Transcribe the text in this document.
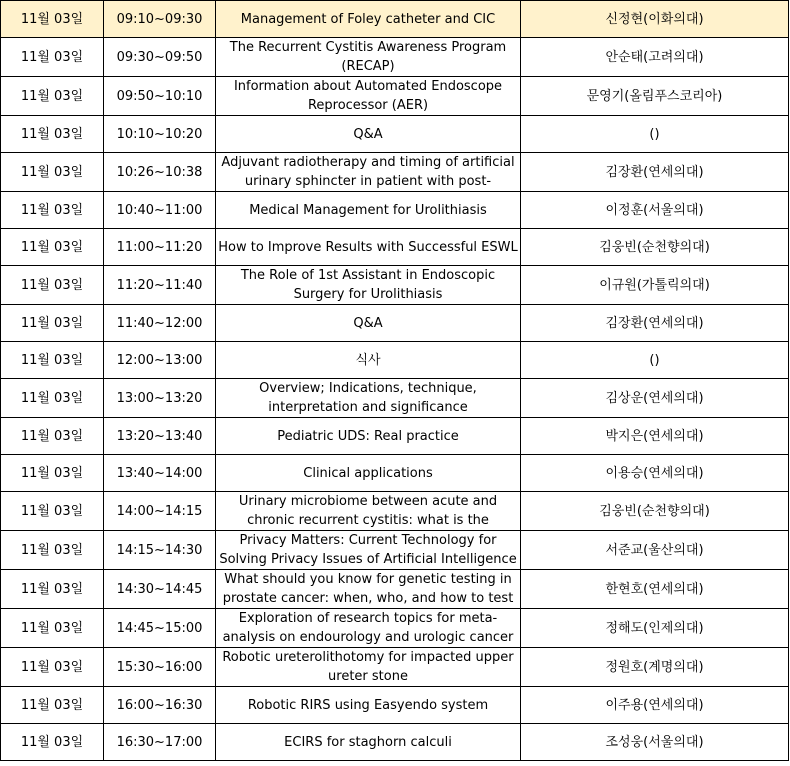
11월 03일	09:10~09:30	Management of Foley catheter and CIC	신정현(이화의대)
11월 03일	09:30~09:50	The Recurrent Cystitis Awareness Program (RECAP)	안순태(고려의대)
11월 03일	09:50~10:10	Information about Automated Endoscope Reprocessor (AER)	문영기(올림푸스코리아)
11월 03일	10:10~10:20	Q&A	()
11월 03일	10:26~10:38	Adjuvant radiotherapy and timing of artificial urinary sphincter in patient with post-	김장환(연세의대)
11월 03일	10:40~11:00	Medical Management for Urolithiasis	이정훈(서울의대)
11월 03일	11:00~11:20	How to Improve Results with Successful ESWL	김웅빈(순천향의대)
11월 03일	11:20~11:40	The Role of 1st Assistant in Endoscopic Surgery for Urolithiasis	이규원(가톨릭의대)
11월 03일	11:40~12:00	Q&A	김장환(연세의대)
11월 03일	12:00~13:00	식사	()
11월 03일	13:00~13:20	Overview; Indications, technique, interpretation and significance	김상운(연세의대)
11월 03일	13:20~13:40	Pediatric UDS: Real practice	박지은(연세의대)
11월 03일	13:40~14:00	Clinical applications	이용승(연세의대)
11월 03일	14:00~14:15	Urinary microbiome between acute and chronic recurrent cystitis: what is the	김웅빈(순천향의대)
11월 03일	14:15~14:30	Privacy Matters: Current Technology for Solving Privacy Issues of Artificial Intelligence	서준교(울산의대)
11월 03일	14:30~14:45	What should you know for genetic testing in prostate cancer: when, who, and how to test	한현호(연세의대)
11월 03일	14:45~15:00	Exploration of research topics for meta-analysis on endourology and urologic cancer	정해도(인제의대)
11월 03일	15:30~16:00	Robotic ureterolithotomy for impacted upper ureter stone	정원호(계명의대)
11월 03일	16:00~16:30	Robotic RIRS using Easyendo system	이주용(연세의대)
11월 03일	16:30~17:00	ECIRS for staghorn calculi	조성웅(서울의대)
